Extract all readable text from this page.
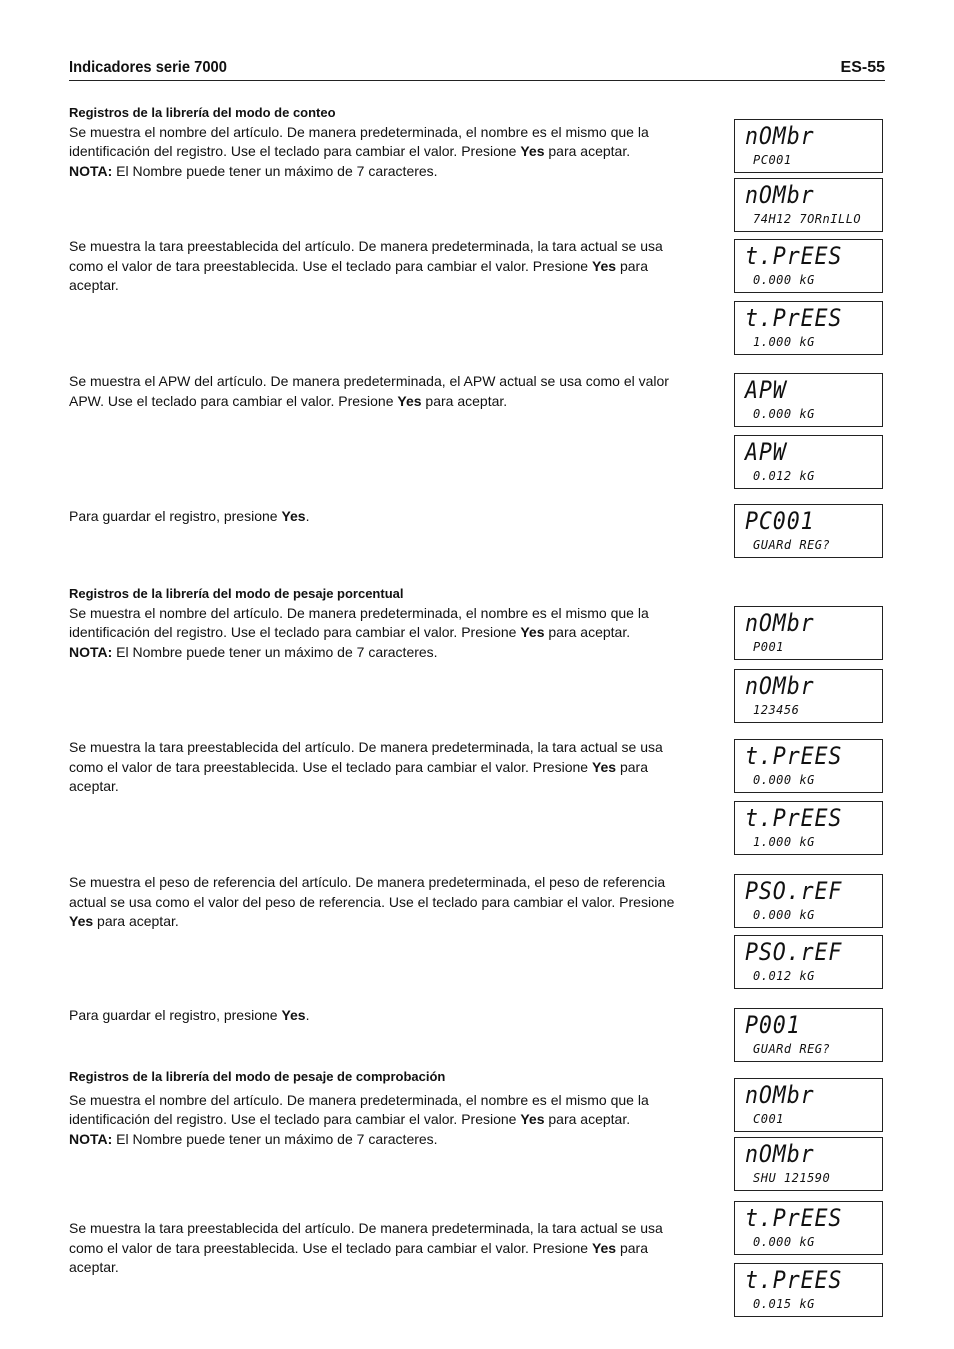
Indicadores serie 7000	ES-55
Registros de la librería del modo de conteo
Se muestra el nombre del artículo. De manera predeterminada, el nombre es el mismo que la identificación del registro. Use el teclado para cambiar el valor. Presione Yes para aceptar.
NOTA: El Nombre puede tener un máximo de 7 caracteres.
Se muestra la tara preestablecida del artículo. De manera predeterminada, la tara actual se usa como el valor de tara preestablecida. Use el teclado para cambiar el valor. Presione Yes para aceptar.
Se muestra el APW del artículo. De manera predeterminada, el APW actual se usa como el valor APW. Use el teclado para cambiar el valor. Presione Yes para aceptar.
Para guardar el registro, presione Yes.
Registros de la librería del modo de pesaje porcentual
Se muestra el nombre del artículo. De manera predeterminada, el nombre es el mismo que la identificación del registro. Use el teclado para cambiar el valor. Presione Yes para aceptar.
NOTA: El Nombre puede tener un máximo de 7 caracteres.
Se muestra la tara preestablecida del artículo. De manera predeterminada, la tara actual se usa como el valor de tara preestablecida. Use el teclado para cambiar el valor. Presione Yes para aceptar.
Se muestra el peso de referencia del artículo. De manera predeterminada, el peso de referencia actual se usa como el valor del peso de referencia. Use el teclado para cambiar el valor. Presione Yes para aceptar.
Para guardar el registro, presione Yes.
Registros de la librería del modo de pesaje de comprobación
Se muestra el nombre del artículo. De manera predeterminada, el nombre es el mismo que la identificación del registro. Use el teclado para cambiar el valor. Presione Yes para aceptar.
NOTA: El Nombre puede tener un máximo de 7 caracteres.
Se muestra la tara preestablecida del artículo. De manera predeterminada, la tara actual se usa como el valor de tara preestablecida. Use el teclado para cambiar el valor. Presione Yes para aceptar.
nOMbr
PC001
nOMbr
74H12 7ORnILLO
t.PrEES
0.000 kG
t.PrEES
1.000 kG
APW
0.000 kG
APW
0.012 kG
PC001
GUARd REG?
nOMbr
P001
nOMbr
123456
t.PrEES
0.000 kG
t.PrEES
1.000 kG
PSO.rEF
0.000 kG
PSO.rEF
0.012 kG
P001
GUARd REG?
nOMbr
C001
nOMbr
SHU 121590
t.PrEES
0.000 kG
t.PrEES
0.015 kG
